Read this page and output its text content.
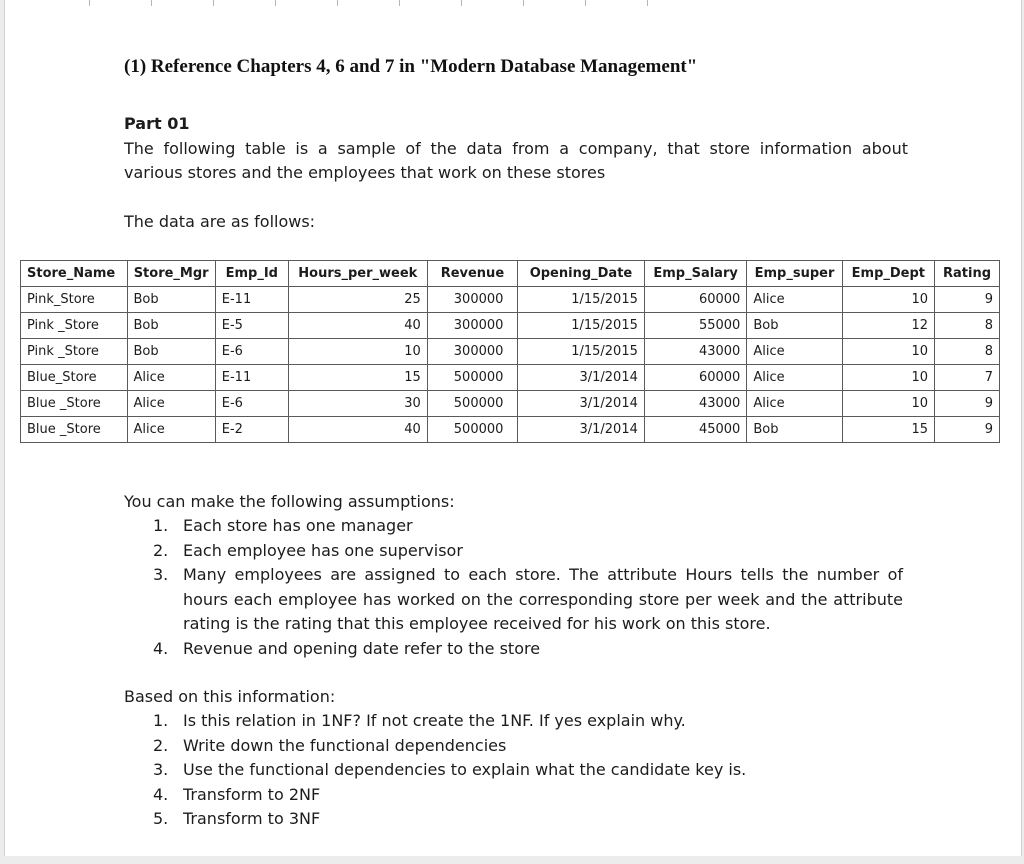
(1) Reference Chapters 4, 6 and 7 in "Modern Database Management"
Part 01
The following table is a sample of the data from a company, that store information about
various stores and the employees that work on these stores
The data are as follows:
Store_Name	Store_Mgr	Emp_Id	Hours_per_week	Revenue	Opening_Date	Emp_Salary	Emp_super	Emp_Dept	Rating
Pink_Store	Bob	E-11	25	300000	1/15/2015	60000	Alice	10	9
Pink _Store	Bob	E-5	40	300000	1/15/2015	55000	Bob	12	8
Pink _Store	Bob	E-6	10	300000	1/15/2015	43000	Alice	10	8
Blue_Store	Alice	E-11	15	500000	3/1/2014	60000	Alice	10	7
Blue _Store	Alice	E-6	30	500000	3/1/2014	43000	Alice	10	9
Blue _Store	Alice	E-2	40	500000	3/1/2014	45000	Bob	15	9
You can make the following assumptions:
1. Each store has one manager
2. Each employee has one supervisor
3. Many employees are assigned to each store. The attribute Hours tells the number of hours each employee has worked on the corresponding store per week and the attribute rating is the rating that this employee received for his work on this store.
4. Revenue and opening date refer to the store
Based on this information:
1. Is this relation in 1NF? If not create the 1NF. If yes explain why.
2. Write down the functional dependencies
3. Use the functional dependencies to explain what the candidate key is.
4. Transform to 2NF
5. Transform to 3NF
